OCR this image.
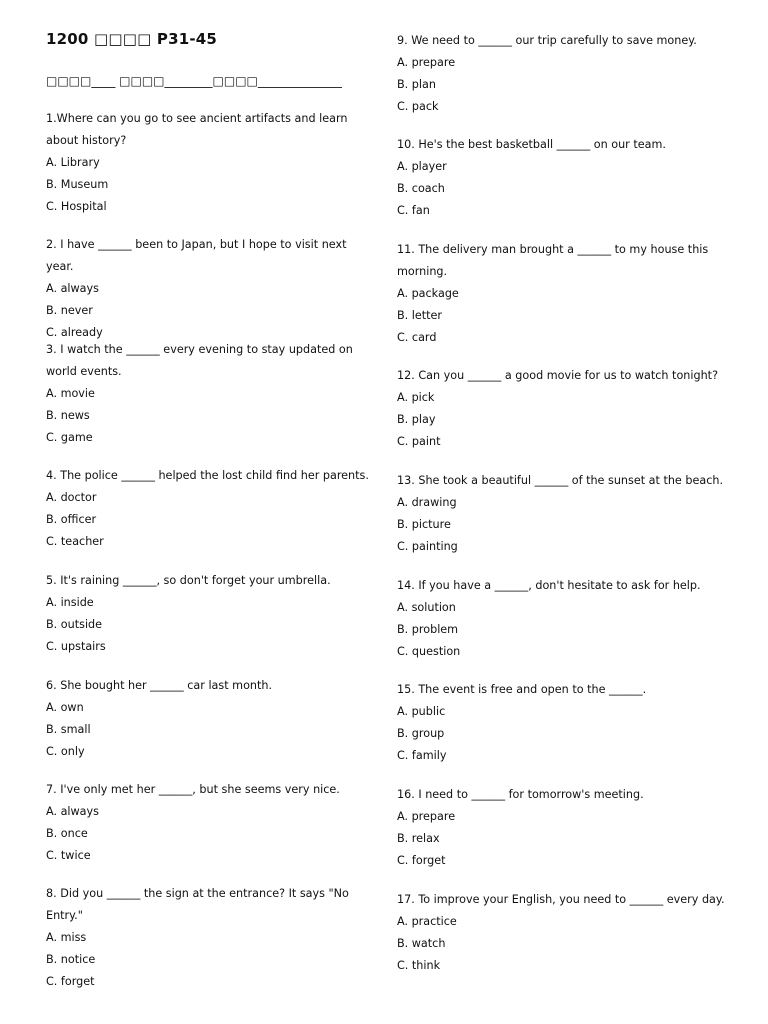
1200 □□□□ P31-45
□□□□____ □□□□________□□□□______________

1.Where can you go to see ancient artifacts and learn about history?

A. Library

B. Museum

C. Hospital

2. I have ______ been to Japan, but I hope to visit next year.

A. always

B. never

C. already

3. I watch the ______ every evening to stay updated on world events.

A. movie

B. news

C. game

4. The police ______ helped the lost child find her parents.

A. doctor

B. officer

C. teacher

5. It's raining ______, so don't forget your umbrella.

A. inside

B. outside

C. upstairs

6. She bought her ______ car last month.

A. own

B. small

C. only

7. I've only met her ______, but she seems very nice.

A. always

B. once

C. twice

8. Did you ______ the sign at the entrance? It says "No Entry."

A. miss

B. notice

C. forget

9. We need to ______ our trip carefully to save money.

A. prepare

B. plan

C. pack

10. He's the best basketball ______ on our team.

A. player

B. coach

C. fan

11. The delivery man brought a ______ to my house this morning.

A. package

B. letter

C. card

12. Can you ______ a good movie for us to watch tonight?

A. pick

B. play

C. paint

13. She took a beautiful ______ of the sunset at the beach.

A. drawing

B. picture

C. painting

14. If you have a ______, don't hesitate to ask for help.

A. solution

B. problem

C. question

15. The event is free and open to the ______.

A. public

B. group

C. family

16. I need to ______ for tomorrow's meeting.

A. prepare

B. relax

C. forget

17. To improve your English, you need to ______ every day.

A. practice

B. watch

C. think
